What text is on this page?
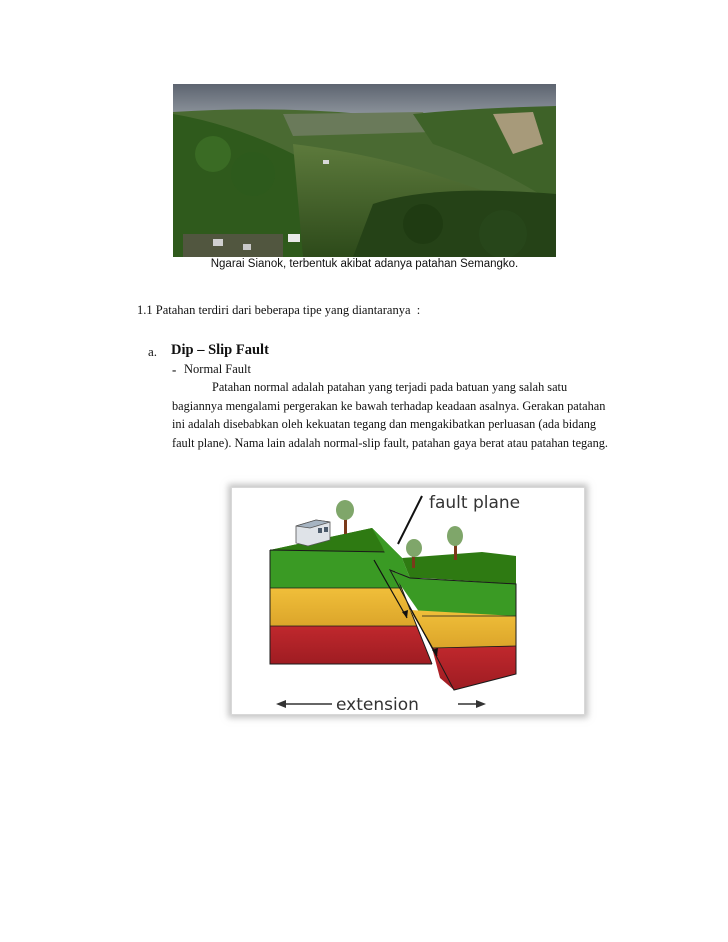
Ngarai Sianok, terbentuk akibat adanya patahan Semangko.
1.1 Patahan terdiri dari beberapa tipe yang diantaranya  :
a. Dip – Slip Fault
- Normal Fault
Patahan normal adalah patahan yang terjadi pada batuan yang salah satu
bagiannya mengalami pergerakan ke bawah terhadap keadaan asalnya. Gerakan patahan
ini adalah disebabkan oleh kekuatan tegang dan mengakibatkan perluasan (ada bidang
fault plane). Nama lain adalah normal-slip fault, patahan gaya berat atau patahan tegang.
fault plane
extension
